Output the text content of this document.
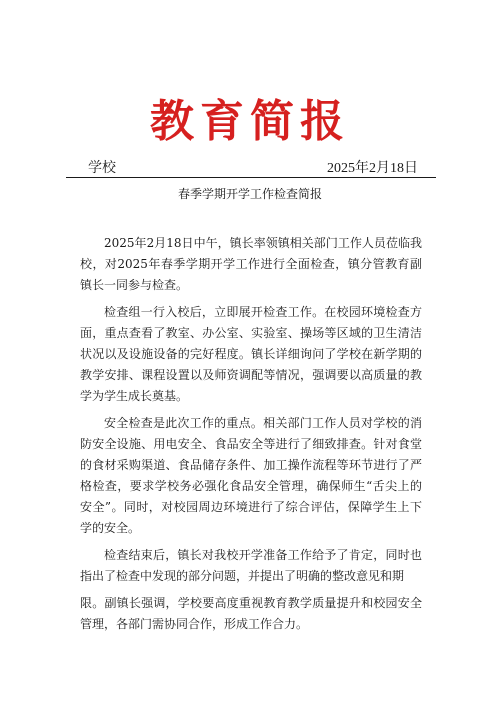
教育简报
学校	2025年2月18日
春季学期开学工作检查简报

2025年2月18日中午，镇长率领镇相关部门工作人员莅临我校，对2025年春季学期开学工作进行全面检查，镇分管教育副镇长一同参与检查。

检查组一行入校后，立即展开检查工作。在校园环境检查方面，重点查看了教室、办公室、实验室、操场等区域的卫生清洁状况以及设施设备的完好程度。镇长详细询问了学校在新学期的教学安排、课程设置以及师资调配等情况，强调要以高质量的教学为学生成长奠基。

安全检查是此次工作的重点。相关部门工作人员对学校的消防安全设施、用电安全、食品安全等进行了细致排查。针对食堂的食材采购渠道、食品储存条件、加工操作流程等环节进行了严格检查，要求学校务必强化食品安全管理，确保师生“舌尖上的安全”。同时，对校园周边环境进行了综合评估，保障学生上下学的安全。

检查结束后，镇长对我校开学准备工作给予了肯定，同时也指出了检查中发现的部分问题，并提出了明确的整改意见和期

限。副镇长强调，学校要高度重视教育教学质量提升和校园安全管理，各部门需协同合作，形成工作合力。
